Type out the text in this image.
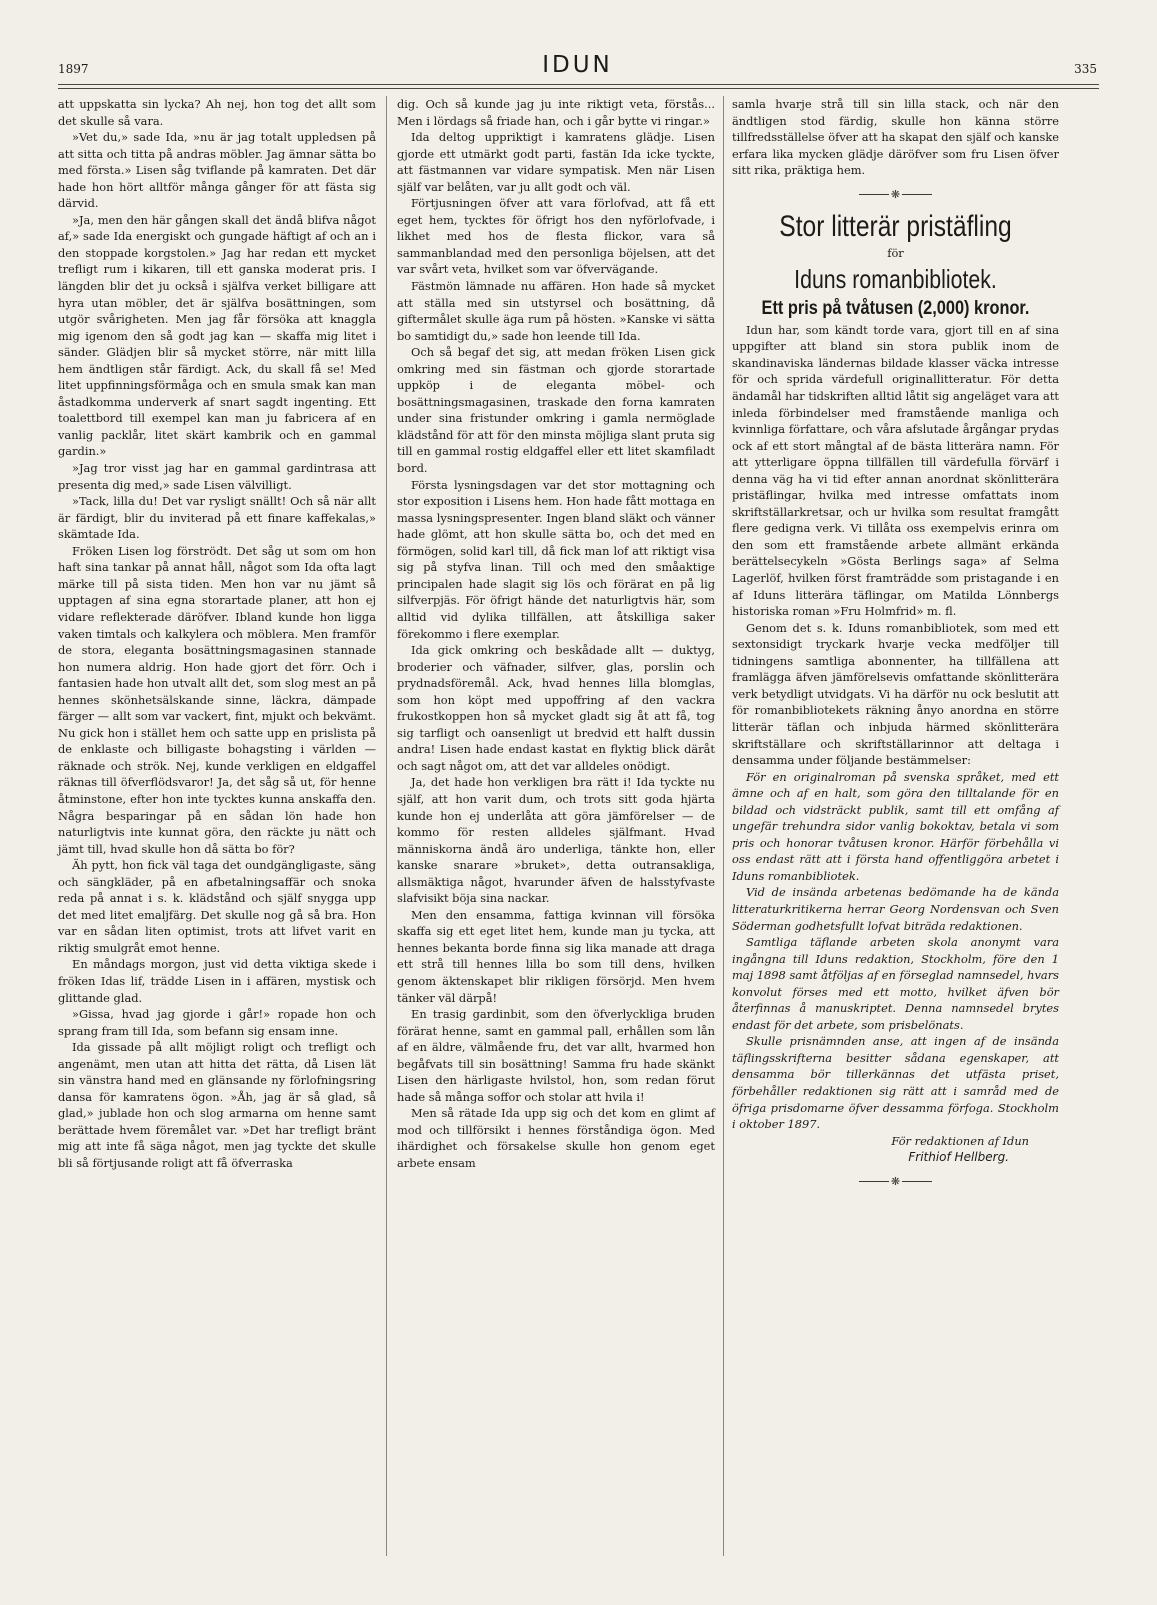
1897	IDUN	335

att uppskatta sin lycka? Ah nej, hon tog det allt som det skulle så vara.

»Vet du,» sade Ida, »nu är jag totalt uppledsen på att sitta och titta på andras möbler. Jag ämnar sätta bo med första.» Lisen såg tviflande på kamraten. Det där hade hon hört alltför många gånger för att fästa sig därvid.

»Ja, men den här gången skall det ändå blifva något af,» sade Ida energiskt och gungade häftigt af och an i den stoppade korgstolen.» Jag har redan ett mycket trefligt rum i kikaren, till ett ganska moderat pris. I längden blir det ju också i själfva verket billigare att hyra utan möbler, det är själfva bosättningen, som utgör svårigheten. Men jag får försöka att knaggla mig igenom den så godt jag kan — skaffa mig litet i sänder. Glädjen blir så mycket större, när mitt lilla hem ändtligen står färdigt. Ack, du skall få se! Med litet uppfinningsförmåga och en smula smak kan man åstadkomma underverk af snart sagdt ingenting. Ett toalettbord till exempel kan man ju fabricera af en vanlig packlår, litet skärt kambrik och en gammal gardin.»

»Jag tror visst jag har en gammal gardintrasa att presenta dig med,» sade Lisen välvilligt.

»Tack, lilla du! Det var rysligt snällt! Och så när allt är färdigt, blir du inviterad på ett finare kaffekalas,» skämtade Ida.

Fröken Lisen log förströdt. Det såg ut som om hon haft sina tankar på annat håll, något som Ida ofta lagt märke till på sista tiden. Men hon var nu jämt så upptagen af sina egna storartade planer, att hon ej vidare reflekterade däröfver. Ibland kunde hon ligga vaken timtals och kalkylera och möblera. Men framför de stora, eleganta bosättningsmagasinen stannade hon numera aldrig. Hon hade gjort det förr. Och i fantasien hade hon utvalt allt det, som slog mest an på hennes skönhetsälskande sinne, läckra, dämpade färger — allt som var vackert, fint, mjukt och bekvämt. Nu gick hon i stället hem och satte upp en prislista på de enklaste och billigaste bohagsting i världen — räknade och strök. Nej, kunde verkligen en eldgaffel räknas till öfverflödsvaror! Ja, det såg så ut, för henne åtminstone, efter hon inte tycktes kunna anskaffa den. Några besparingar på en sådan lön hade hon naturligtvis inte kunnat göra, den räckte ju nätt och jämt till, hvad skulle hon då sätta bo för?

Äh pytt, hon fick väl taga det oundgängligaste, säng och sängkläder, på en afbetalningsaffär och snoka reda på annat i s. k. klädstånd och själf snygga upp det med litet emaljfärg. Det skulle nog gå så bra. Hon var en sådan liten optimist, trots att lifvet varit en riktig smulgråt emot henne.

En måndags morgon, just vid detta viktiga skede i fröken Idas lif, trädde Lisen in i affären, mystisk och glittande glad.

»Gissa, hvad jag gjorde i går!» ropade hon och sprang fram till Ida, som befann sig ensam inne.

Ida gissade på allt möjligt roligt och trefligt och angenämt, men utan att hitta det rätta, då Lisen lät sin vänstra hand med en glänsande ny förlofningsring dansa för kamratens ögon. »Åh, jag är så glad, så glad,» jublade hon och slog armarna om henne samt berättade hvem föremålet var. »Det har trefligt bränt mig att inte få säga något, men jag tyckte det skulle bli så förtjusande roligt att få öfverraska

dig. Och så kunde jag ju inte riktigt veta, förstås... Men i lördags så friade han, och i går bytte vi ringar.»

Ida deltog uppriktigt i kamratens glädje. Lisen gjorde ett utmärkt godt parti, fastän Ida icke tyckte, att fästmannen var vidare sympatisk. Men när Lisen själf var belåten, var ju allt godt och väl.

Förtjusningen öfver att vara förlofvad, att få ett eget hem, tycktes för öfrigt hos den nyförlofvade, i likhet med hos de flesta flickor, vara så sammanblandad med den personliga böjelsen, att det var svårt veta, hvilket som var öfvervägande.

Fästmön lämnade nu affären. Hon hade så mycket att ställa med sin utstyrsel och bosättning, då giftermålet skulle äga rum på hösten. »Kanske vi sätta bo samtidigt du,» sade hon leende till Ida.

Och så begaf det sig, att medan fröken Lisen gick omkring med sin fästman och gjorde storartade uppköp i de eleganta möbel- och bosättningsmagasinen, traskade den forna kamraten under sina fristunder omkring i gamla nermöglade klädstånd för att för den minsta möjliga slant pruta sig till en gammal rostig eldgaffel eller ett litet skamfiladt bord.

Första lysningsdagen var det stor mottagning och stor exposition i Lisens hem. Hon hade fått mottaga en massa lysningspresenter. Ingen bland släkt och vänner hade glömt, att hon skulle sätta bo, och det med en förmögen, solid karl till, då fick man lof att riktigt visa sig på styfva linan. Till och med den småaktige principalen hade slagit sig lös och förärat en på lig silfverpjäs. För öfrigt hände det naturligtvis här, som alltid vid dylika tillfällen, att åtskilliga saker förekommo i flere exemplar.

Ida gick omkring och beskådade allt — duktyg, broderier och väfnader, silfver, glas, porslin och prydnadsföremål. Ack, hvad hennes lilla blomglas, som hon köpt med uppoffring af den vackra frukostkoppen hon så mycket gladt sig åt att få, tog sig tarfligt och oansenligt ut bredvid ett halft dussin andra! Lisen hade endast kastat en flyktig blick däråt och sagt något om, att det var alldeles onödigt.

Ja, det hade hon verkligen bra rätt i! Ida tyckte nu själf, att hon varit dum, och trots sitt goda hjärta kunde hon ej underlåta att göra jämförelser — de kommo för resten alldeles själfmant. Hvad människorna ändå äro underliga, tänkte hon, eller kanske snarare »bruket», detta outransakliga, allsmäktiga något, hvarunder äfven de halsstyfvaste slafvisikt böja sina nackar.

Men den ensamma, fattiga kvinnan vill försöka skaffa sig ett eget litet hem, kunde man ju tycka, att hennes bekanta borde finna sig lika manade att draga ett strå till hennes lilla bo som till dens, hvilken genom äktenskapet blir rikligen försörjd. Men hvem tänker väl därpå!

En trasig gardinbit, som den öfverlyckliga bruden förärat henne, samt en gammal pall, erhållen som lån af en äldre, välmående fru, det var allt, hvarmed hon begåfvats till sin bosättning! Samma fru hade skänkt Lisen den härligaste hvilstol, hon, som redan förut hade så många soffor och stolar att hvila i!

Men så rätade Ida upp sig och det kom en glimt af mod och tillförsikt i hennes förståndiga ögon. Med ihärdighet och försakelse skulle hon genom eget arbete ensam

samla hvarje strå till sin lilla stack, och när den ändtligen stod färdig, skulle hon känna större tillfredsställelse öfver att ha skapat den själf och kanske erfara lika mycken glädje däröfver som fru Lisen öfver sitt rika, präktiga hem.

❋

Stor litterär pristäfling

för

Iduns romanbibliotek.

Ett pris på tvåtusen (2,000) kronor.

Idun har, som kändt torde vara, gjort till en af sina uppgifter att bland sin stora publik inom de skandinaviska ländernas bildade klasser väcka intresse för och sprida värdefull originallitteratur. För detta ändamål har tidskriften alltid låtit sig angeläget vara att inleda förbindelser med framstående manliga och kvinnliga författare, och våra afslutade årgångar prydas ock af ett stort mångtal af de bästa litterära namn. För att ytterligare öppna tillfällen till värdefulla förvärf i denna väg ha vi tid efter annan anordnat skönlitterära pristäflingar, hvilka med intresse omfattats inom skriftställarkretsar, och ur hvilka som resultat framgått flere gedigna verk. Vi tillåta oss exempelvis erinra om den som ett framstående arbete allmänt erkända berättelsecykeln »Gösta Berlings saga» af Selma Lagerlöf, hvilken först framträdde som pristagande i en af Iduns litterära täflingar, om Matilda Lönnbergs historiska roman »Fru Holmfrid» m. fl.

Genom det s. k. Iduns romanbibliotek, som med ett sextonsidigt tryckark hvarje vecka medföljer till tidningens samtliga abonnenter, ha tillfällena att framlägga äfven jämförelsevis omfattande skönlitterära verk betydligt utvidgats. Vi ha därför nu ock beslutit att för romanbibliotekets räkning ånyo anordna en större litterär täflan och inbjuda härmed skönlitterära skriftställare och skriftställarinnor att deltaga i densamma under följande bestämmelser:

För en originalroman på svenska språket, med ett ämne och af en halt, som göra den tilltalande för en bildad och vidsträckt publik, samt till ett omfång af ungefär trehundra sidor vanlig bokoktav, betala vi som pris och honorar tvåtusen kronor. Härför förbehålla vi oss endast rätt att i första hand offentliggöra arbetet i Iduns romanbibliotek.

Vid de insända arbetenas bedömande ha de kända litteraturkritikerna herrar Georg Nordensvan och Sven Söderman godhetsfullt lofvat biträda redaktionen.

Samtliga täflande arbeten skola anonymt vara ingångna till Iduns redaktion, Stockholm, före den 1 maj 1898 samt åtföljas af en förseglad namnsedel, hvars konvolut förses med ett motto, hvilket äfven bör återfinnas å manuskriptet. Denna namnsedel brytes endast för det arbete, som prisbelönats.

Skulle prisnämnden anse, att ingen af de insända täflingsskrifterna besitter sådana egenskaper, att densamma bör tillerkännas det utfästa priset, förbehåller redaktionen sig rätt att i samråd med de öfriga prisdomarne öfver dessamma förfoga. Stockholm i oktober 1897.

För redaktionen af Idun

Frithiof Hellberg.

❋
